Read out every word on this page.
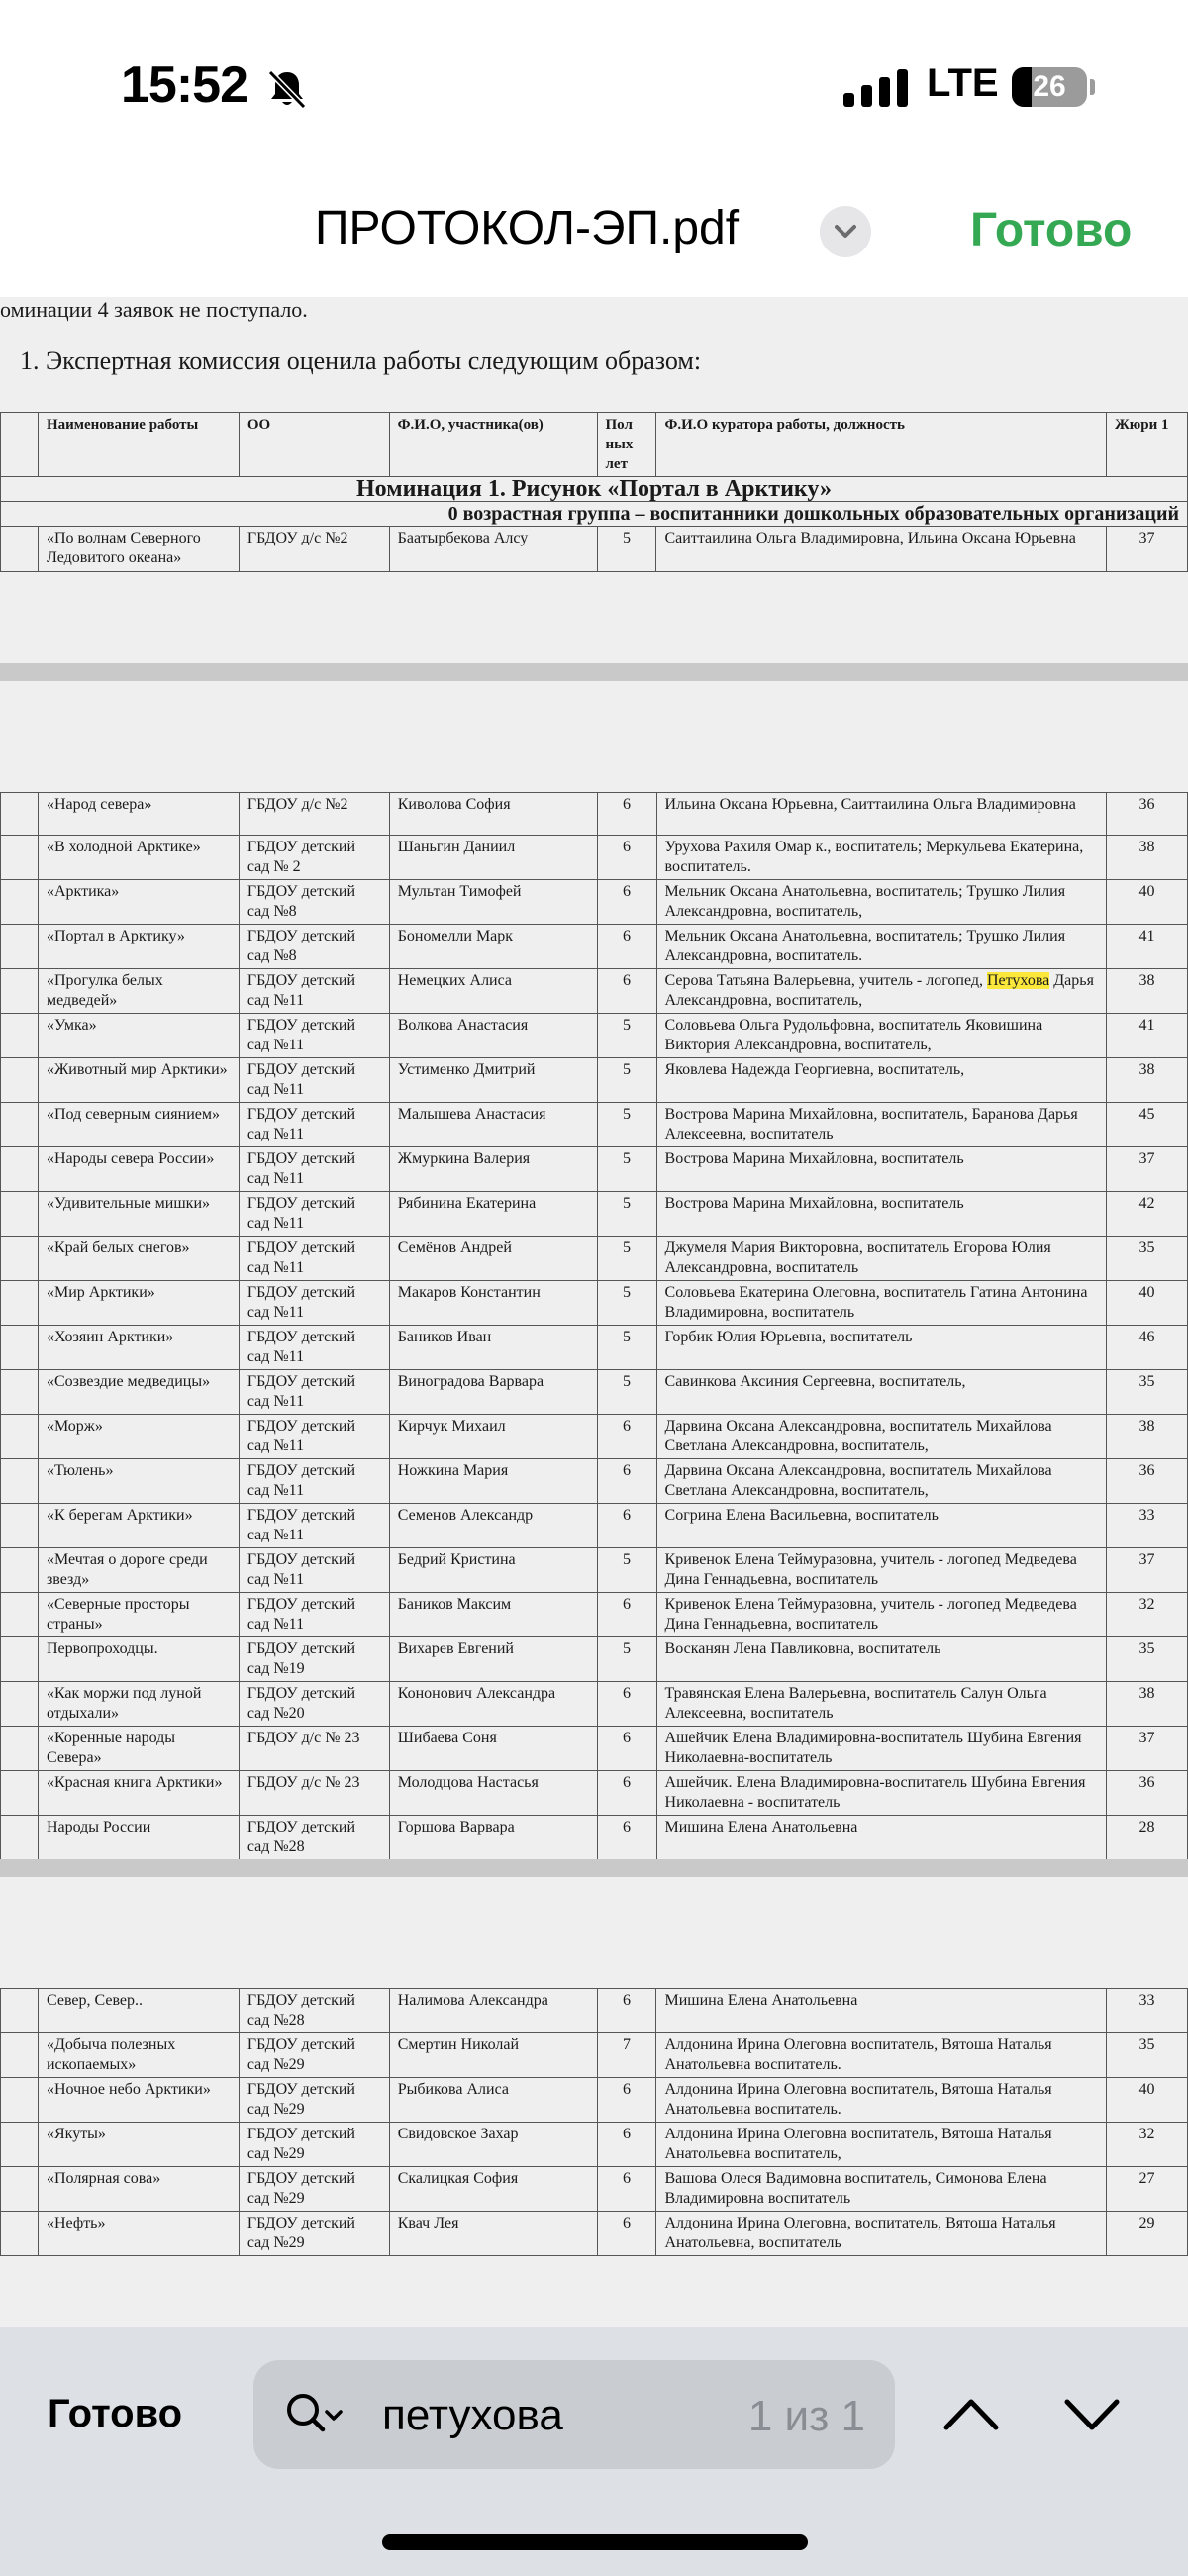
15:52	LTE	26
ПРОТОКОЛ-ЭП.pdf	Готово
оминации 4 заявок не поступало.
1. Экспертная комиссия оценила работы следующим образом:
	Наименование работы	ОО	Ф.И.О, участника(ов)	Пол ных лет	Ф.И.О куратора работы, должность	Жюри 1
Номинация 1. Рисунок «Портал в Арктику»						
0 возрастная группа – воспитанники дошкольных образовательных организаций						
	«По волнам Северного Ледовитого океана»	ГБДОУ д/с №2	Баатырбекова Алсу	5	Саиттаилина Ольга Владимировна, Ильина Оксана Юрьевна	37
	«Народ севера»	ГБДОУ д/с №2	Киволова София	6	Ильина Оксана Юрьевна, Саиттаилина Ольга Владимировна	36
	«В холодной Арктике»	ГБДОУ детский сад № 2	Шаньгин Даниил	6	Урухова Рахиля Омар к., воспитатель; Меркульева Екатерина, воспитатель.	38
	«Арктика»	ГБДОУ детский сад №8	Мультан Тимофей	6	Мельник Оксана Анатольевна, воспитатель; Трушко Лилия Александровна, воспитатель,	40
	«Портал в Арктику»	ГБДОУ детский сад №8	Бономелли Марк	6	Мельник Оксана Анатольевна, воспитатель; Трушко Лилия Александровна, воспитатель.	41
	«Прогулка белых медведей»	ГБДОУ детский сад №11	Немецких Алиса	6	Серова Татьяна Валерьевна, учитель - логопед, Петухова Дарья Александровна, воспитатель,	38
	«Умка»	ГБДОУ детский сад №11	Волкова Анастасия	5	Соловьева Ольга Рудольфовна, воспитатель Яковишина Виктория Александровна, воспитатель,	41
	«Животный мир Арктики»	ГБДОУ детский сад №11	Устименко Дмитрий	5	Яковлева Надежда Георгиевна, воспитатель,	38
	«Под северным сиянием»	ГБДОУ детский сад №11	Малышева Анастасия	5	Вострова Марина Михайловна, воспитатель, Баранова Дарья Алексеевна, воспитатель	45
	«Народы севера России»	ГБДОУ детский сад №11	Жмуркина Валерия	5	Вострова Марина Михайловна, воспитатель	37
	«Удивительные мишки»	ГБДОУ детский сад №11	Рябинина Екатерина	5	Вострова Марина Михайловна, воспитатель	42
	«Край белых снегов»	ГБДОУ детский сад №11	Семёнов Андрей	5	Джумеля Мария Викторовна, воспитатель Егорова Юлия Александровна, воспитатель	35
	«Мир Арктики»	ГБДОУ детский сад №11	Макаров Константин	5	Соловьева Екатерина Олеговна, воспитатель Гатина Антонина Владимировна, воспитатель	40
	«Хозяин Арктики»	ГБДОУ детский сад №11	Баников Иван	5	Горбик Юлия Юрьевна, воспитатель	46
	«Созвездие медведицы»	ГБДОУ детский сад №11	Виноградова Варвара	5	Савинкова Аксиния Сергеевна, воспитатель,	35
	«Морж»	ГБДОУ детский сад №11	Кирчук Михаил	6	Дарвина Оксана Александровна, воспитатель Михайлова Светлана Александровна, воспитатель,	38
	«Тюлень»	ГБДОУ детский сад №11	Ножкина Мария	6	Дарвина Оксана Александровна, воспитатель Михайлова Светлана Александровна, воспитатель,	36
	«К берегам Арктики»	ГБДОУ детский сад №11	Семенов Александр	6	Согрина Елена Васильевна, воспитатель	33
	«Мечтая о дороге среди звезд»	ГБДОУ детский сад №11	Бедрий Кристина	5	Кривенок Елена Теймуразовна, учитель - логопед Медведева Дина Геннадьевна, воспитатель	37
	«Северные просторы страны»	ГБДОУ детский сад №11	Баников Максим	6	Кривенок Елена Теймуразовна, учитель - логопед Медведева Дина Геннадьевна, воспитатель	32
	Первопроходцы.	ГБДОУ детский сад №19	Вихарев Евгений	5	Восканян Лена Павликовна, воспитатель	35
	«Как моржи под луной отдыхали»	ГБДОУ детский сад №20	Кононович Александра	6	Травянская Елена Валерьевна, воспитатель Салун Ольга Алексеевна, воспитатель	38
	«Коренные народы Севера»	ГБДОУ д/с № 23	Шибаева Соня	6	Ашейчик Елена Владимировна-воспитатель Шубина Евгения Николаевна-воспитатель	37
	«Красная книга Арктики»	ГБДОУ д/с № 23	Молодцова Настасья	6	Ашейчик. Елена Владимировна-воспитатель Шубина Евгения Николаевна - воспитатель	36
	Народы России	ГБДОУ детский сад №28	Горшова Варвара	6	Мишина Елена Анатольевна	28
	Север, Север..	ГБДОУ детский сад №28	Налимова Александра	6	Мишина Елена Анатольевна	33
	«Добыча полезных ископаемых»	ГБДОУ детский сад №29	Смертин Николай	7	Алдонина Ирина Олеговна воспитатель, Вятоша Наталья Анатольевна воспитатель.	35
	«Ночное небо Арктики»	ГБДОУ детский сад №29	Рыбикова Алиса	6	Алдонина Ирина Олеговна воспитатель, Вятоша Наталья Анатольевна воспитатель.	40
	«Якуты»	ГБДОУ детский сад №29	Свидовское Захар	6	Алдонина Ирина Олеговна воспитатель, Вятоша Наталья Анатольевна воспитатель,	32
	«Полярная сова»	ГБДОУ детский сад №29	Скалицкая София	6	Вашова Олеся Вадимовна воспитатель, Симонова Елена Владимировна воспитатель	27
	«Нефть»	ГБДОУ детский сад №29	Квач Лея	6	Алдонина Ирина Олеговна, воспитатель, Вятоша Наталья Анатольевна, воспитатель	29
Готово
петухова	1 из 1
